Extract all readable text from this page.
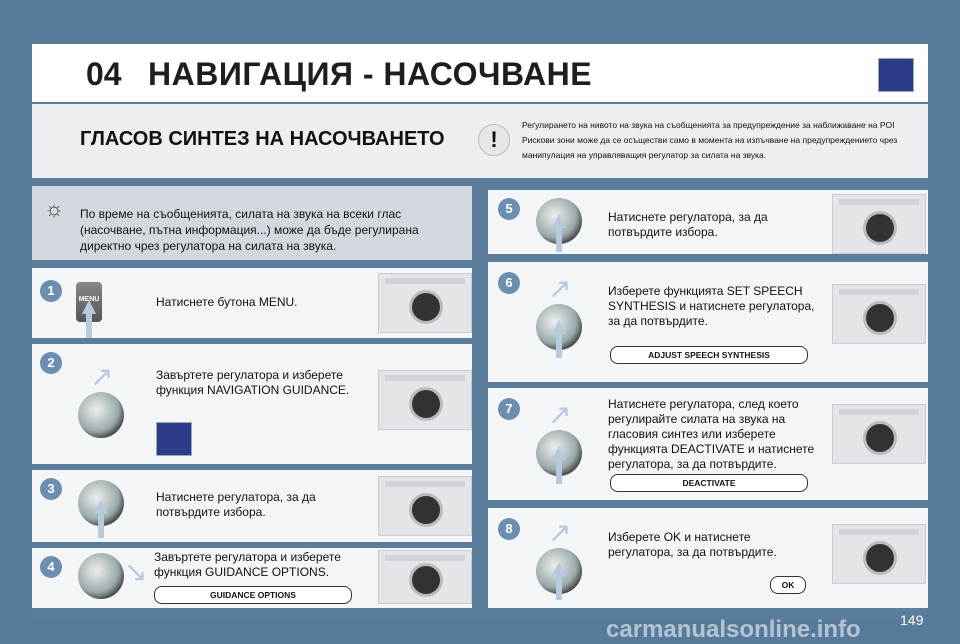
04 НАВИГАЦИЯ - НАСОЧВАНЕ
ГЛАСОВ СИНТЕЗ НА НАСОЧВАНЕТО	!
Регулирането на нивото на звука на съобщенията за предупреждение за наближаване на POI Рискови зони може да се осъществи само в момента на изпъчване на предупреждението чрез манипулация на управляващия регулатор за силата на звука.
☼ По време на съобщенията, силата на звука на всеки глас (насочване, пътна информация...) може да бъде регулирана директно чрез регулатора на силата на звука.
1
MENU	Натиснете бутона MENU.
2 ↗	Завъртете регулатора и изберете функция NAVIGATION GUIDANCE.
3
Натиснете регулатора, за да потвърдите избора.
4 ↘ Завъртете регулатора и изберете функция GUIDANCE OPTIONS.
GUIDANCE OPTIONS
5
Натиснете регулатора, за да потвърдите избора.
6 ↗	Изберете функцията SET SPEECH SYNTHESIS и натиснете регулатора, за да потвърдите.
ADJUST SPEECH SYNTHESIS
7 ↗	Натиснете регулатора, след което регулирайте силата на звука на гласовия синтез или изберете функцията DEACTIVATE и натиснете регулатора, за да потвърдите.
DEACTIVATE
8 ↗	Изберете OK и натиснете регулатора, за да потвърдите.
OK
carmanualsonline.info	149
